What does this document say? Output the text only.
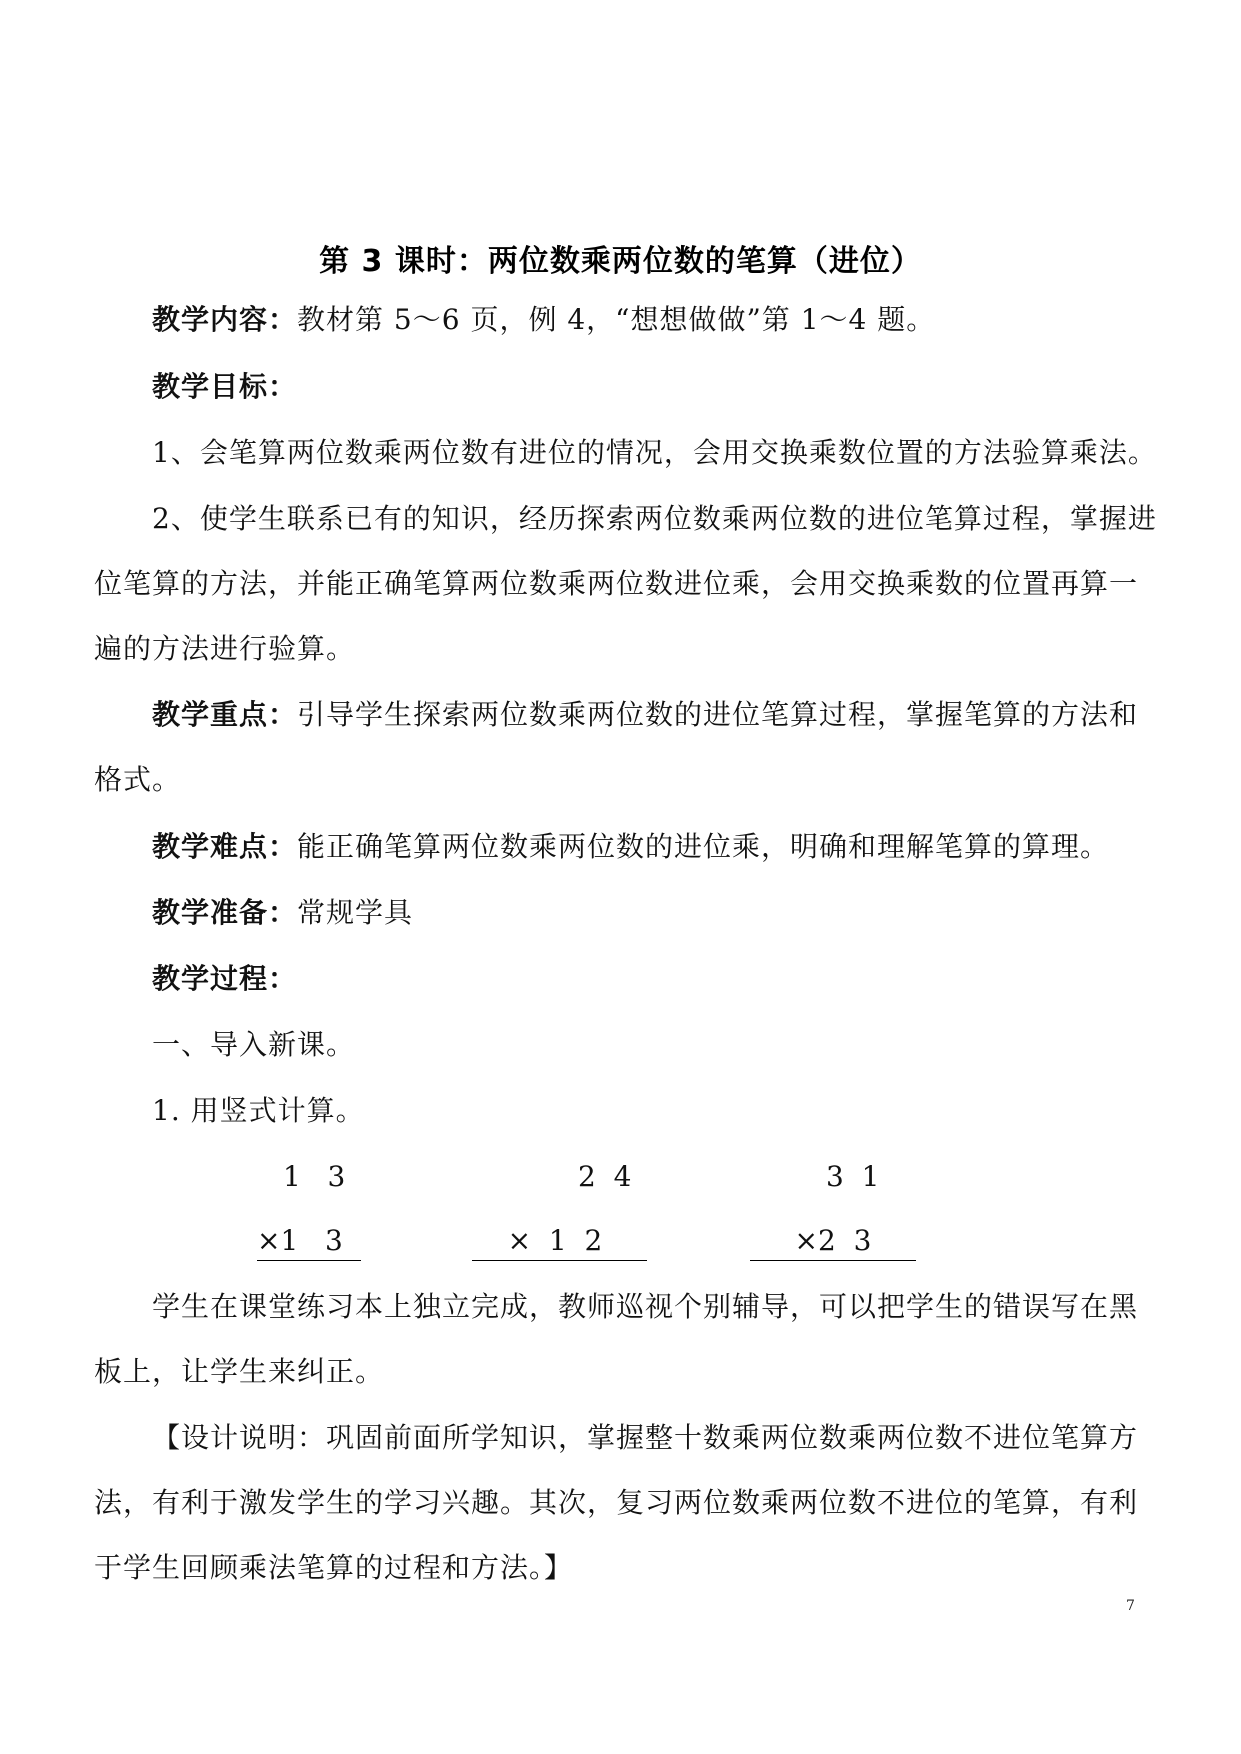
第 3 课时：两位数乘两位数的笔算（进位）
教学内容：教材第 5～6 页，例 4，“想想做做”第 1～4 题。
教学目标：
1、会笔算两位数乘两位数有进位的情况，会用交换乘数位置的方法验算乘法。
2、使学生联系已有的知识，经历探索两位数乘两位数的进位笔算过程，掌握进
位笔算的方法，并能正确笔算两位数乘两位数进位乘，会用交换乘数的位置再算一
遍的方法进行验算。
教学重点：引导学生探索两位数乘两位数的进位笔算过程，掌握笔算的方法和
格式。
教学难点：能正确笔算两位数乘两位数的进位乘，明确和理解笔算的算理。
教学准备：常规学具
教学过程：
一、导入新课。
1. 用竖式计算。
1   3
×1   3
2  4
×  1  2
3  1
×2  3
学生在课堂练习本上独立完成，教师巡视个别辅导，可以把学生的错误写在黑
板上，让学生来纠正。
【设计说明：巩固前面所学知识，掌握整十数乘两位数乘两位数不进位笔算方
法，有利于激发学生的学习兴趣。其次，复习两位数乘两位数不进位的笔算，有利
于学生回顾乘法笔算的过程和方法。】
7
